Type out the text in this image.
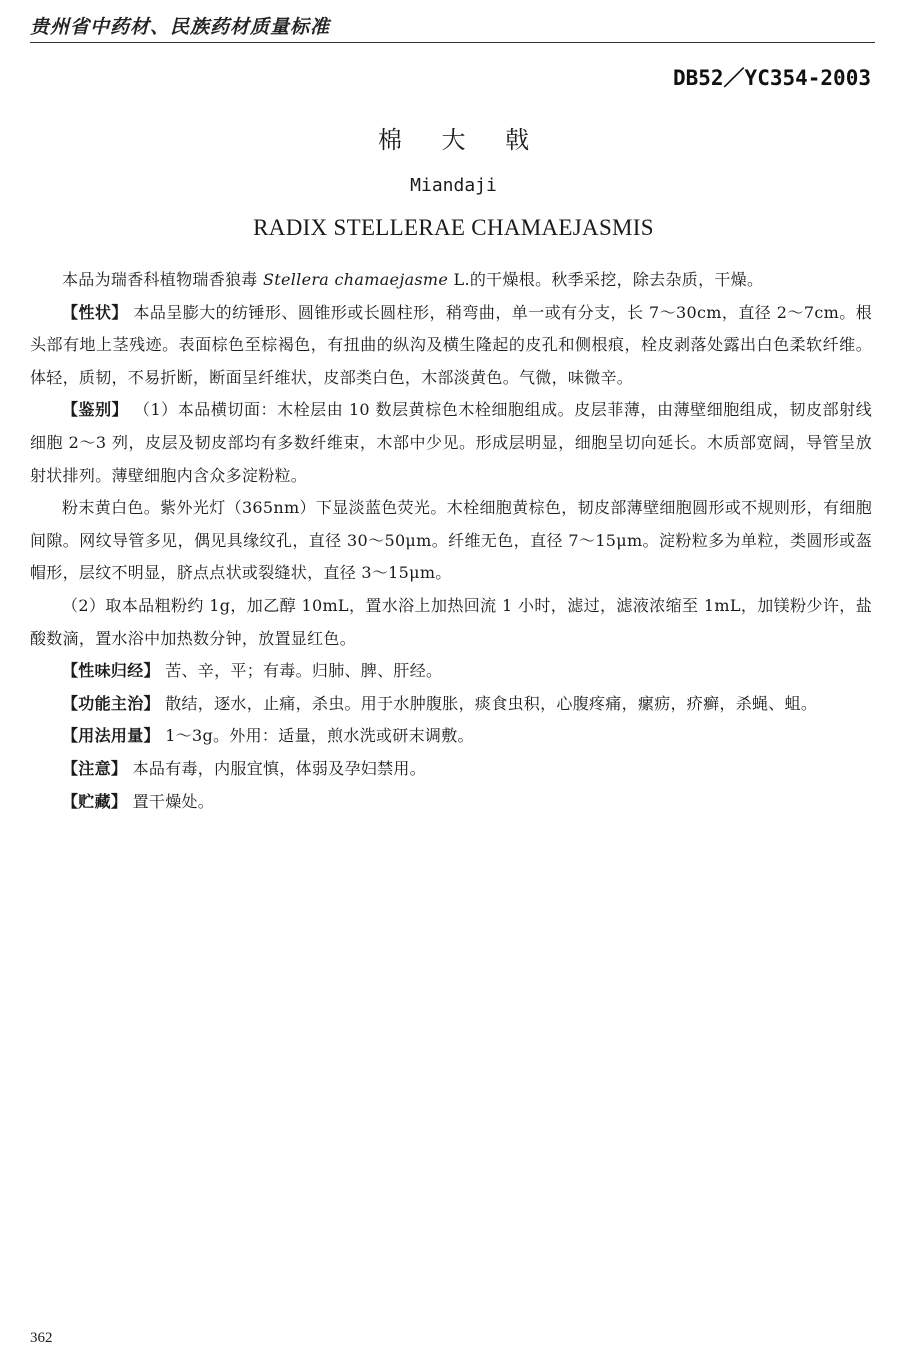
贵州省中药材、民族药材质量标准
DB52／YC354-2003
棉 大 戟
Miandaji
RADIX STELLERAE CHAMAEJASMIS

本品为瑞香科植物瑞香狼毒 Stellera chamaejasme L.的干燥根。秋季采挖，除去杂质，干燥。

【性状】 本品呈膨大的纺锤形、圆锥形或长圆柱形，稍弯曲，单一或有分支，长 7～30cm，直径 2～7cm。根头部有地上茎残迹。表面棕色至棕褐色，有扭曲的纵沟及横生隆起的皮孔和侧根痕，栓皮剥落处露出白色柔软纤维。体轻，质韧，不易折断，断面呈纤维状，皮部类白色，木部淡黄色。气微，味微辛。

【鉴别】 （1）本品横切面：木栓层由 10 数层黄棕色木栓细胞组成。皮层菲薄，由薄壁细胞组成，韧皮部射线细胞 2～3 列，皮层及韧皮部均有多数纤维束，木部中少见。形成层明显，细胞呈切向延长。木质部宽阔，导管呈放射状排列。薄壁细胞内含众多淀粉粒。

粉末黄白色。紫外光灯（365nm）下显淡蓝色荧光。木栓细胞黄棕色，韧皮部薄壁细胞圆形或不规则形，有细胞间隙。网纹导管多见，偶见具缘纹孔，直径 30～50μm。纤维无色，直径 7～15μm。淀粉粒多为单粒，类圆形或盔帽形，层纹不明显，脐点点状或裂缝状，直径 3～15μm。

（2）取本品粗粉约 1g，加乙醇 10mL，置水浴上加热回流 1 小时，滤过，滤液浓缩至 1mL，加镁粉少许，盐酸数滴，置水浴中加热数分钟，放置显红色。

【性味归经】 苦、辛，平；有毒。归肺、脾、肝经。

【功能主治】 散结，逐水，止痛，杀虫。用于水肿腹胀，痰食虫积，心腹疼痛，瘰疬，疥癣，杀蝇、蛆。

【用法用量】 1～3g。外用：适量，煎水洗或研末调敷。

【注意】 本品有毒，内服宜慎，体弱及孕妇禁用。

【贮藏】 置干燥处。

362
